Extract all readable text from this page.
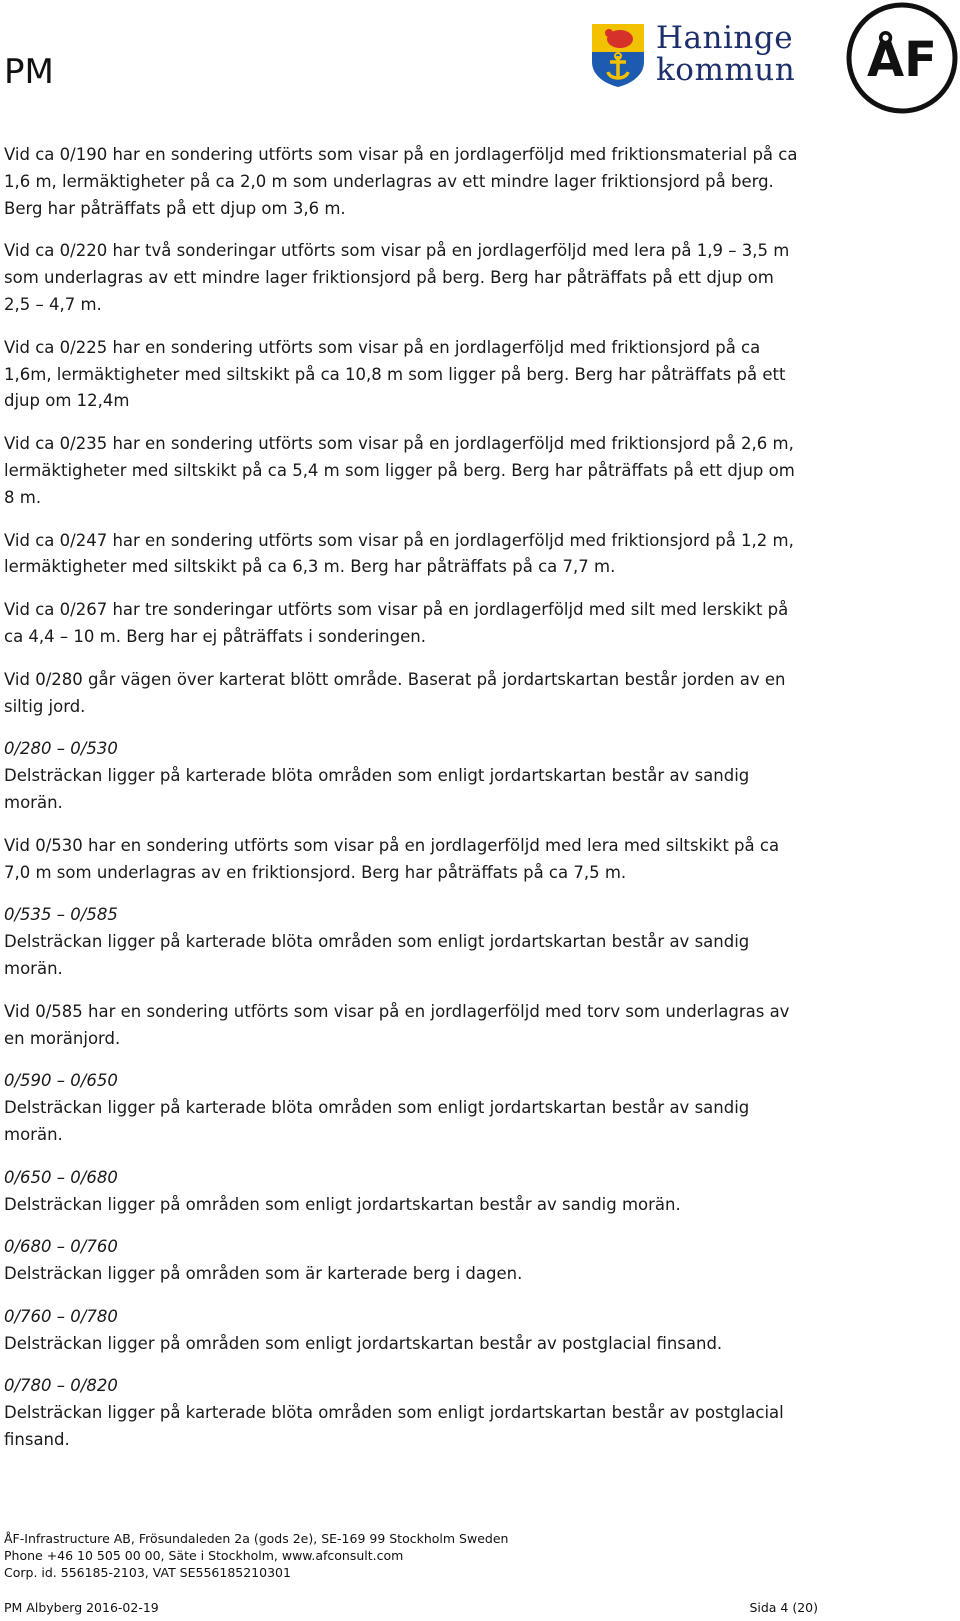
PM
Haninge
kommun ÅF

Vid ca 0/190 har en sondering utförts som visar på en jordlagerföljd med friktionsmaterial på ca 1,6 m, lermäktigheter på ca 2,0 m som underlagras av ett mindre lager friktionsjord på berg. Berg har påträffats på ett djup om 3,6 m.

Vid ca 0/220 har två sonderingar utförts som visar på en jordlagerföljd med lera på 1,9 – 3,5 m som underlagras av ett mindre lager friktionsjord på berg. Berg har påträffats på ett djup om 2,5 – 4,7 m.

Vid ca 0/225 har en sondering utförts som visar på en jordlagerföljd med friktionsjord på ca 1,6m, lermäktigheter med siltskikt på ca 10,8 m som ligger på berg. Berg har påträffats på ett djup om 12,4m

Vid ca 0/235 har en sondering utförts som visar på en jordlagerföljd med friktionsjord på 2,6 m, lermäktigheter med siltskikt på ca 5,4 m som ligger på berg. Berg har påträffats på ett djup om 8 m.

Vid ca 0/247 har en sondering utförts som visar på en jordlagerföljd med friktionsjord på 1,2 m, lermäktigheter med siltskikt på ca 6,3 m. Berg har påträffats på ca 7,7 m.

Vid ca 0/267 har tre sonderingar utförts som visar på en jordlagerföljd med silt med lerskikt på ca 4,4 – 10 m. Berg har ej påträffats i sonderingen.

Vid 0/280 går vägen över karterat blött område. Baserat på jordartskartan består jorden av en siltig jord.

0/280 – 0/530
Delsträckan ligger på karterade blöta områden som enligt jordartskartan består av sandig morän.

Vid 0/530 har en sondering utförts som visar på en jordlagerföljd med lera med siltskikt på ca 7,0 m som underlagras av en friktionsjord. Berg har påträffats på ca 7,5 m.

0/535 – 0/585
Delsträckan ligger på karterade blöta områden som enligt jordartskartan består av sandig morän.

Vid 0/585 har en sondering utförts som visar på en jordlagerföljd med torv som underlagras av en moränjord.

0/590 – 0/650
Delsträckan ligger på karterade blöta områden som enligt jordartskartan består av sandig morän.

0/650 – 0/680
Delsträckan ligger på områden som enligt jordartskartan består av sandig morän.

0/680 – 0/760
Delsträckan ligger på områden som är karterade berg i dagen.

0/760 – 0/780
Delsträckan ligger på områden som enligt jordartskartan består av postglacial finsand.

0/780 – 0/820
Delsträckan ligger på karterade blöta områden som enligt jordartskartan består av postglacial finsand.

ÅF-Infrastructure AB, Frösundaleden 2a (gods 2e), SE-169 99 Stockholm Sweden
Phone +46 10 505 00 00, Säte i Stockholm, www.afconsult.com
Corp. id. 556185-2103, VAT SE556185210301
PM Albyberg 2016-02-19	Sida 4 (20)
